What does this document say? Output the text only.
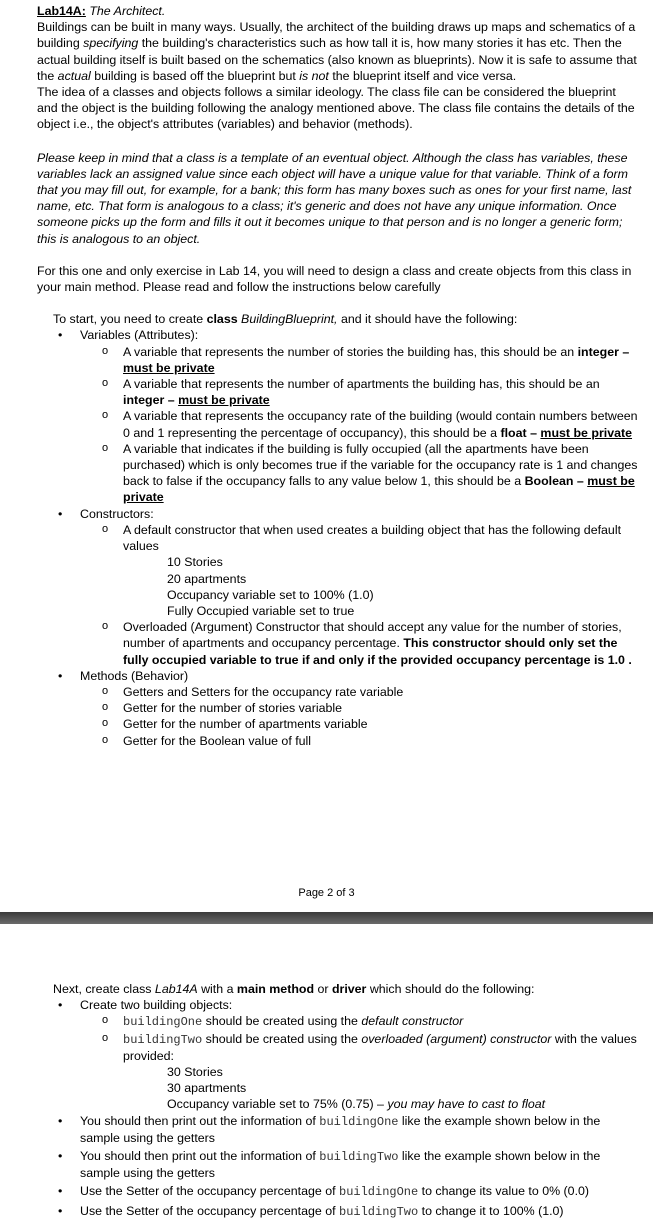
Lab14A: The Architect.

Buildings can be built in many ways. Usually, the architect of the building draws up maps and schematics of a building specifying the building's characteristics such as how tall it is, how many stories it has etc. Then the actual building itself is built based on the schematics (also known as blueprints). Now it is safe to assume that the actual building is based off the blueprint but is not the blueprint itself and vice versa.

The idea of a classes and objects follows a similar ideology. The class file can be considered the blueprint and the object is the building following the analogy mentioned above. The class file contains the details of the object i.e., the object's attributes (variables) and behavior (methods).

Please keep in mind that a class is a template of an eventual object. Although the class has variables, these variables lack an assigned value since each object will have a unique value for that variable. Think of a form that you may fill out, for example, for a bank; this form has many boxes such as ones for your first name, last name, etc. That form is analogous to a class; it's generic and does not have any unique information. Once someone picks up the form and fills it out it becomes unique to that person and is no longer a generic form; this is analogous to an object.

For this one and only exercise in Lab 14, you will need to design a class and create objects from this class in your main method. Please read and follow the instructions below carefully

To start, you need to create class BuildingBlueprint, and it should have the following:

• Variables (Attributes):
o A variable that represents the number of stories the building has, this should be an integer – must be private
o A variable that represents the number of apartments the building has, this should be an integer – must be private
o A variable that represents the occupancy rate of the building (would contain numbers between 0 and 1 representing the percentage of occupancy), this should be a float – must be private
o A variable that indicates if the building is fully occupied (all the apartments have been purchased) which is only becomes true if the variable for the occupancy rate is 1 and changes back to false if the occupancy falls to any value below 1, this should be a Boolean – must be private
• Constructors:
o A default constructor that when used creates a building object that has the following default values
10 Stories
20 apartments
Occupancy variable set to 100% (1.0)
Fully Occupied variable set to true
o Overloaded (Argument) Constructor that should accept any value for the number of stories, number of apartments and occupancy percentage. This constructor should only set the fully occupied variable to true if and only if the provided occupancy percentage is 1.0 .
• Methods (Behavior)
o Getters and Setters for the occupancy rate variable
o Getter for the number of stories variable
o Getter for the number of apartments variable
o Getter for the Boolean value of full
Page 2 of 3

Next, create class Lab14A with a main method or driver which should do the following:

• Create two building objects:
o buildingOne should be created using the default constructor
o buildingTwo should be created using the overloaded (argument) constructor with the values provided:
30 Stories
30 apartments
Occupancy variable set to 75% (0.75) – you may have to cast to float
• You should then print out the information of buildingOne like the example shown below in the sample using the getters
• You should then print out the information of buildingTwo like the example shown below in the sample using the getters
• Use the Setter of the occupancy percentage of buildingOne to change its value to 0% (0.0)
• Use the Setter of the occupancy percentage of buildingTwo to change it to 100% (1.0)
